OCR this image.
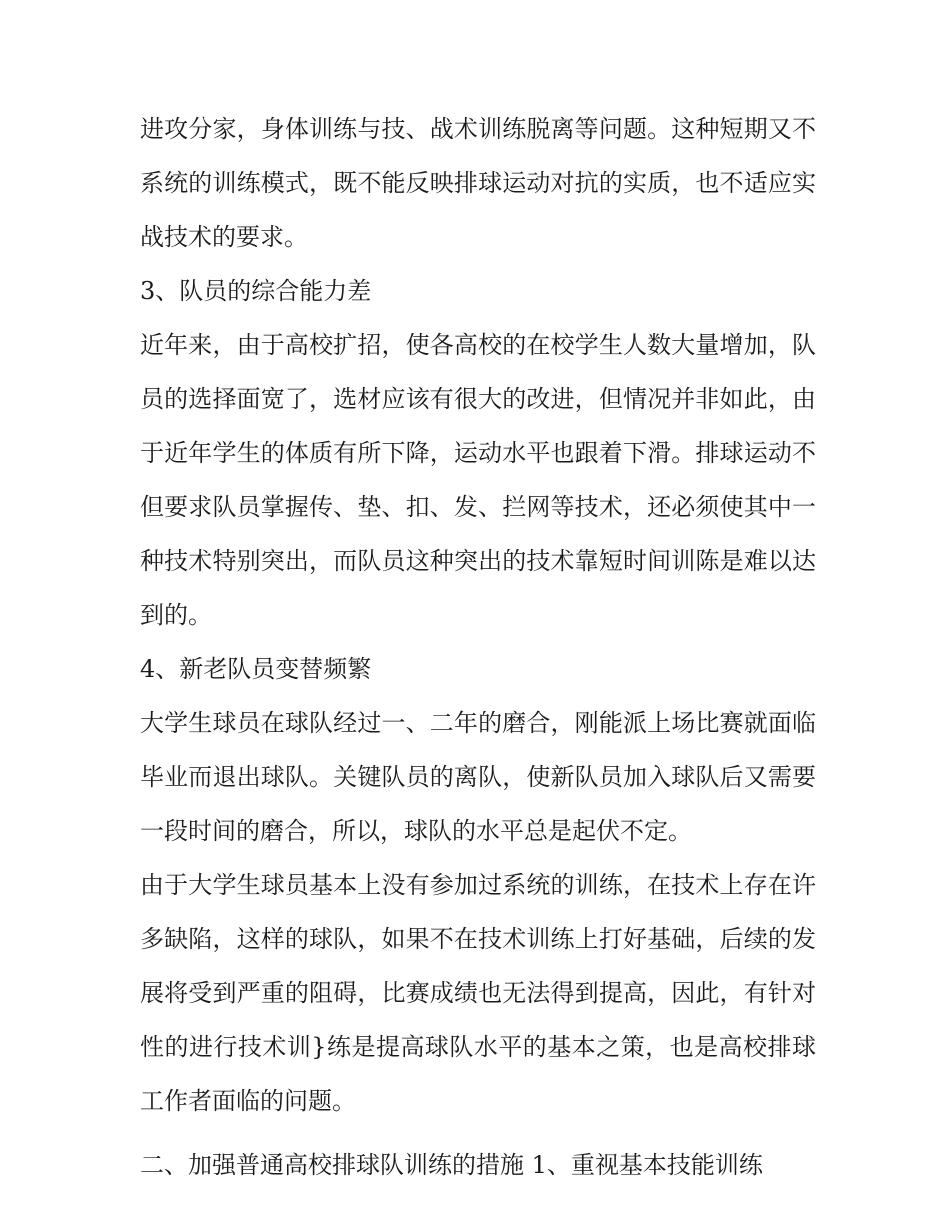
进攻分家，身体训练与技、战术训练脱离等问题。这种短期又不系统的训练模式，既不能反映排球运动对抗的实质，也不适应实战技术的要求。

3、队员的综合能力差

近年来，由于高校扩招，使各高校的在校学生人数大量增加，队员的选择面宽了，选材应该有很大的改进，但情况并非如此，由于近年学生的体质有所下降，运动水平也跟着下滑。排球运动不但要求队员掌握传、垫、扣、发、拦网等技术，还必须使其中一种技术特别突出，而队员这种突出的技术靠短时间训陈是难以达到的。

4、新老队员变替频繁

大学生球员在球队经过一、二年的磨合，刚能派上场比赛就面临毕业而退出球队。关键队员的离队，使新队员加入球队后又需要一段时间的磨合，所以，球队的水平总是起伏不定。

由于大学生球员基本上没有参加过系统的训练，在技术上存在许多缺陷，这样的球队，如果不在技术训练上打好基础，后续的发展将受到严重的阻碍，比赛成绩也无法得到提高，因此，有针对性的进行技术训}练是提高球队水平的基本之策，也是高校排球工作者面临的问题。

二、加强普通高校排球队训练的措施 1、重视基本技能训练
